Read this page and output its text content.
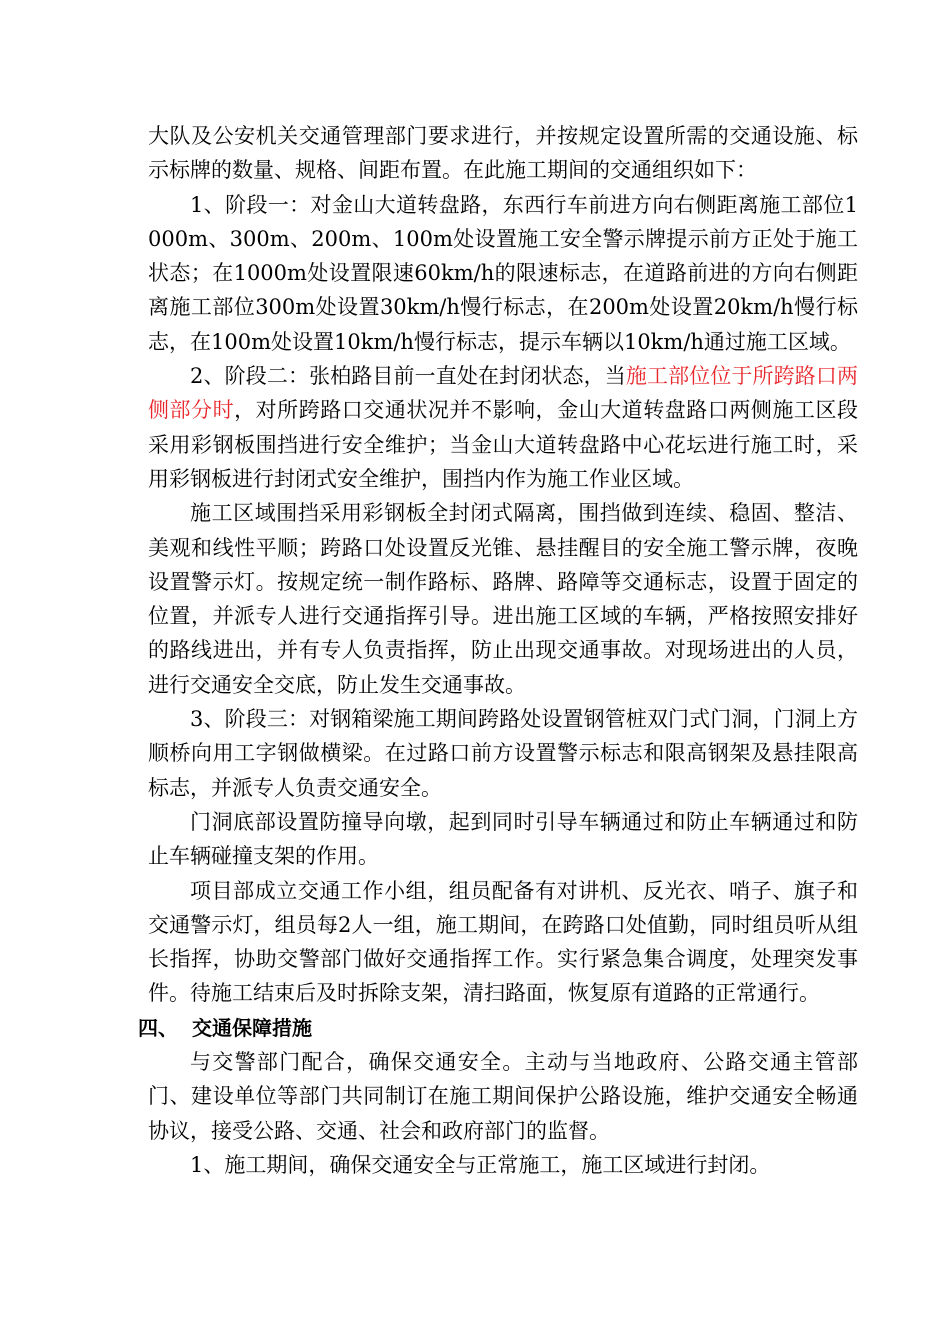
大队及公安机关交通管理部门要求进行，并按规定设置所需的交通设施、标示标牌的数量、规格、间距布置。在此施工期间的交通组织如下：

1、阶段一：对金山大道转盘路，东西行车前进方向右侧距离施工部位1000m、300m、200m、100m处设置施工安全警示牌提示前方正处于施工状态；在1000m处设置限速60km/h的限速标志，在道路前进的方向右侧距离施工部位300m处设置30km/h慢行标志，在200m处设置20km/h慢行标志，在100m处设置10km/h慢行标志，提示车辆以10km/h通过施工区域。

2、阶段二：张柏路目前一直处在封闭状态，当施工部位位于所跨路口两侧部分时，对所跨路口交通状况并不影响，金山大道转盘路口两侧施工区段采用彩钢板围挡进行安全维护；当金山大道转盘路中心花坛进行施工时，采用彩钢板进行封闭式安全维护，围挡内作为施工作业区域。

施工区域围挡采用彩钢板全封闭式隔离，围挡做到连续、稳固、整洁、美观和线性平顺；跨路口处设置反光锥、悬挂醒目的安全施工警示牌，夜晚设置警示灯。按规定统一制作路标、路牌、路障等交通标志，设置于固定的位置，并派专人进行交通指挥引导。进出施工区域的车辆，严格按照安排好的路线进出，并有专人负责指挥，防止出现交通事故。对现场进出的人员，进行交通安全交底，防止发生交通事故。

3、阶段三：对钢箱梁施工期间跨路处设置钢管桩双门式门洞，门洞上方顺桥向用工字钢做横梁。在过路口前方设置警示标志和限高钢架及悬挂限高标志，并派专人负责交通安全。

门洞底部设置防撞导向墩，起到同时引导车辆通过和防止车辆通过和防止车辆碰撞支架的作用。

项目部成立交通工作小组，组员配备有对讲机、反光衣、哨子、旗子和交通警示灯，组员每2人一组，施工期间，在跨路口处值勤，同时组员听从组长指挥，协助交警部门做好交通指挥工作。实行紧急集合调度，处理突发事件。待施工结束后及时拆除支架，清扫路面，恢复原有道路的正常通行。

四、 交通保障措施

与交警部门配合，确保交通安全。主动与当地政府、公路交通主管部门、建设单位等部门共同制订在施工期间保护公路设施，维护交通安全畅通协议，接受公路、交通、社会和政府部门的监督。

1、施工期间，确保交通安全与正常施工，施工区域进行封闭。
